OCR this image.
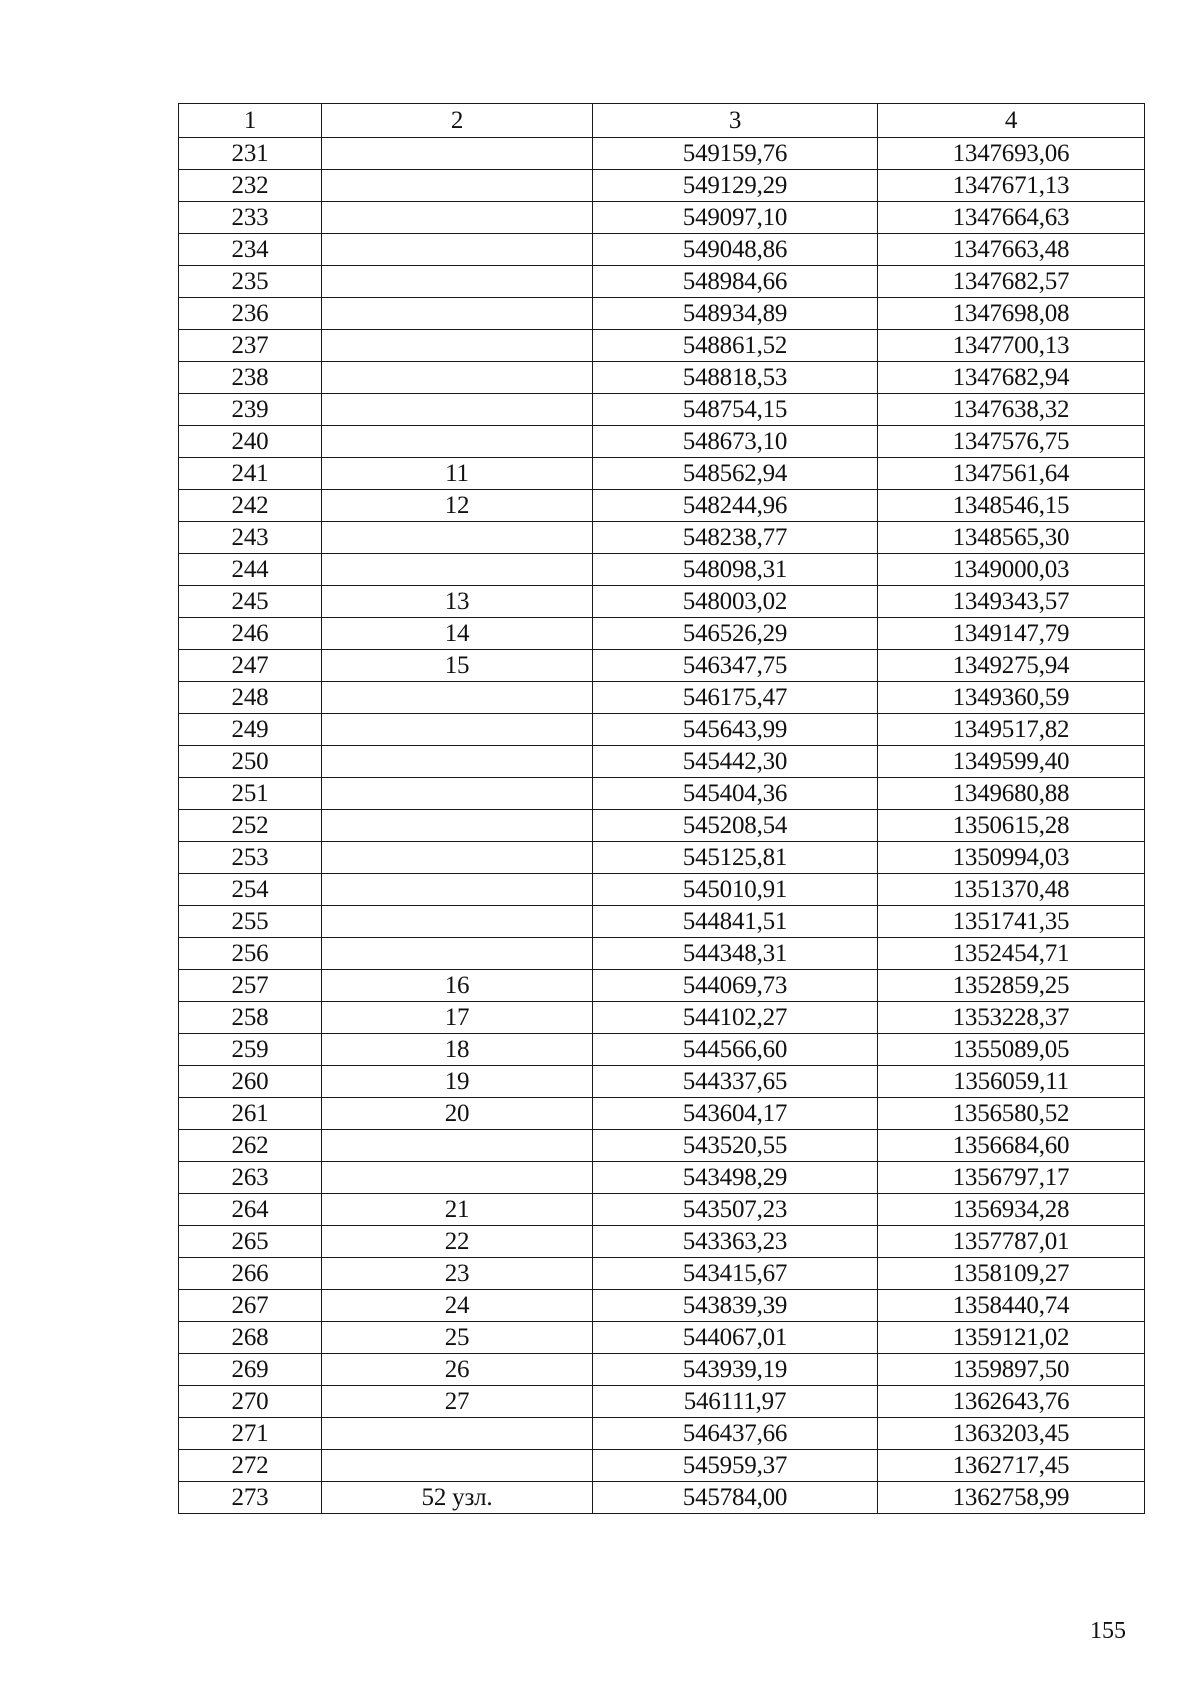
1	2	3	4
231		549159,76	1347693,06
232		549129,29	1347671,13
233		549097,10	1347664,63
234		549048,86	1347663,48
235		548984,66	1347682,57
236		548934,89	1347698,08
237		548861,52	1347700,13
238		548818,53	1347682,94
239		548754,15	1347638,32
240		548673,10	1347576,75
241	11	548562,94	1347561,64
242	12	548244,96	1348546,15
243		548238,77	1348565,30
244		548098,31	1349000,03
245	13	548003,02	1349343,57
246	14	546526,29	1349147,79
247	15	546347,75	1349275,94
248		546175,47	1349360,59
249		545643,99	1349517,82
250		545442,30	1349599,40
251		545404,36	1349680,88
252		545208,54	1350615,28
253		545125,81	1350994,03
254		545010,91	1351370,48
255		544841,51	1351741,35
256		544348,31	1352454,71
257	16	544069,73	1352859,25
258	17	544102,27	1353228,37
259	18	544566,60	1355089,05
260	19	544337,65	1356059,11
261	20	543604,17	1356580,52
262		543520,55	1356684,60
263		543498,29	1356797,17
264	21	543507,23	1356934,28
265	22	543363,23	1357787,01
266	23	543415,67	1358109,27
267	24	543839,39	1358440,74
268	25	544067,01	1359121,02
269	26	543939,19	1359897,50
270	27	546111,97	1362643,76
271		546437,66	1363203,45
272		545959,37	1362717,45
273	52 узл.	545784,00	1362758,99
155
